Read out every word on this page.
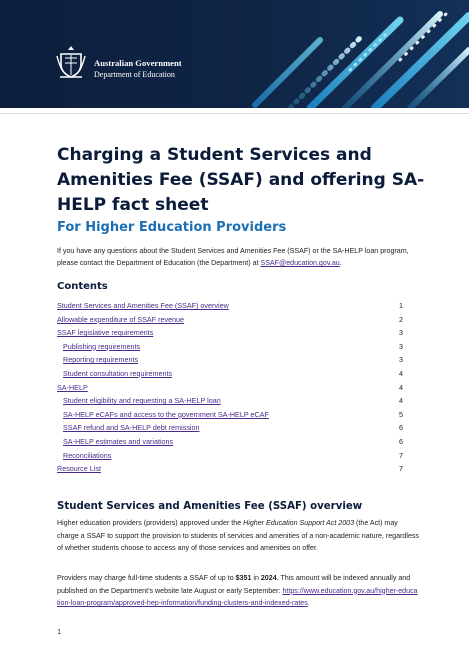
Australian Government
Department of Education
Charging a Student Services and Amenities Fee (SSAF) and offering SA-HELP fact sheet
For Higher Education Providers

If you have any questions about the Student Services and Amenities Fee (SSAF) or the SA-HELP loan program, please contact the Department of Education (the Department) at SSAF@education.gov.au.

Contents
Student Services and Amenities Fee (SSAF) overview	1
Allowable expenditure of SSAF revenue	2
SSAF legislative requirements	3
Publishing requirements	3
Reporting requirements	3
Student consultation requirements	4
SA-HELP	4
Student eligibility and requesting a SA-HELP loan	4
SA-HELP eCAFs and access to the government SA-HELP eCAF	5
SSAF refund and SA-HELP debt remission	6
SA-HELP estimates and variations	6
Reconciliations	7
Resource List	7
Student Services and Amenities Fee (SSAF) overview

Higher education providers (providers) approved under the Higher Education Support Act 2003 (the Act) may charge a SSAF to support the provision to students of services and amenities of a non-academic nature, regardless of whether students choose to access any of those services and amenities on offer.

Providers may charge full-time students a SSAF of up to $351 in 2024. This amount will be indexed annually and published on the Department’s website late August or early September: https://www.education.gov.au/higher-education-loan-program/approved-hep-information/funding-clusters-and-indexed-rates.

1
